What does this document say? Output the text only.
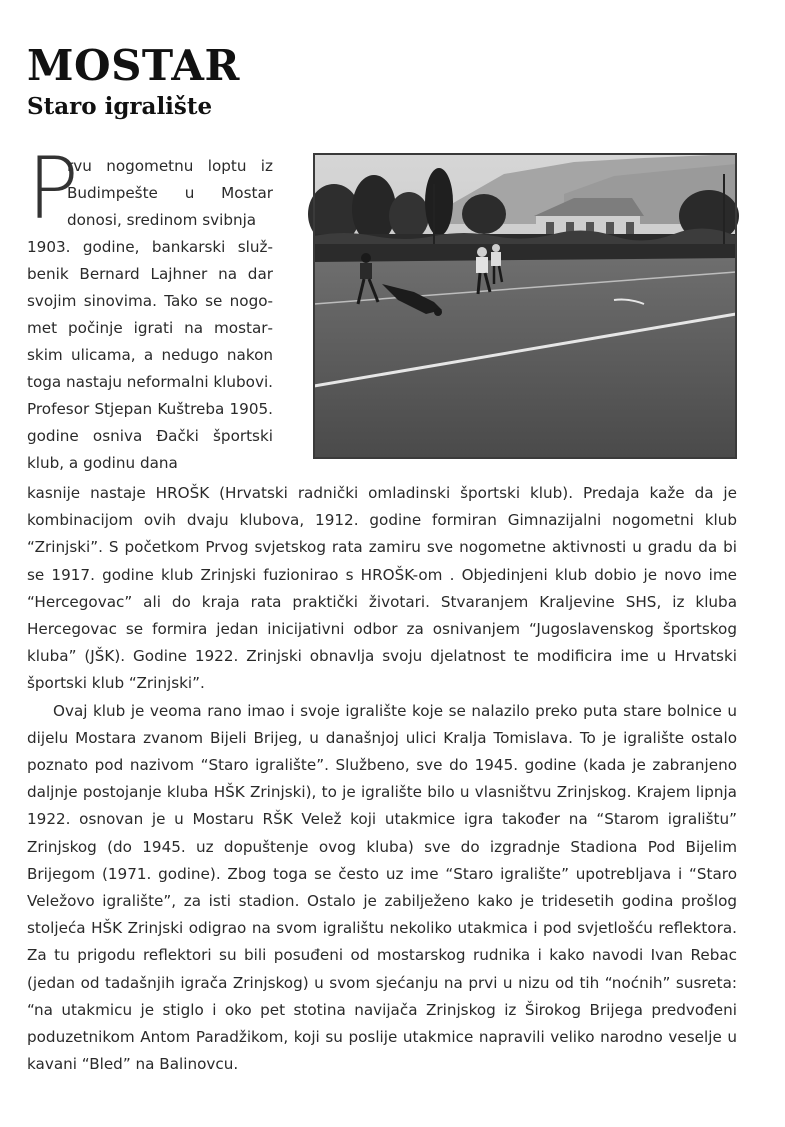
MOSTAR
Staro igralište
P

rvu nogometnu loptu iz Budimpešte u Mostar donosi, sredinom svibnja
1903. godine, bankarski službenik Bernard Lajhner na dar svojim sinovima. Tako se nogomet počinje igrati na mostarskim ulicama, a nedugo nakon toga nastaju neformalni klubovi. Profesor Stjepan Kuštreba 1905. godine osniva Đački športski klub, a godinu dana

kasnije nastaje HROŠK (Hrvatski radnički omladinski športski klub). Predaja kaže da je kombinacijom ovih dvaju klubova, 1912. godine formiran Gimnazijalni nogometni klub “Zrinjski”. S početkom Prvog svjetskog rata zamiru sve nogometne aktivnosti u gradu da bi se 1917. godine klub Zrinjski fuzionirao s HROŠK-om . Objedinjeni klub dobio je novo ime “Hercegovac” ali do kraja rata praktički životari. Stvaranjem Kraljevine SHS, iz kluba Hercegovac se formira jedan inicijativni odbor za osnivanjem “Jugoslavenskog športskog kluba” (JŠK). Godine 1922. Zrinjski obnavlja svoju djelatnost te modificira ime u Hrvatski športski klub “Zrinjski”.

Ovaj klub je veoma rano imao i svoje igralište koje se nalazilo preko puta stare bolnice u dijelu Mostara zvanom Bijeli Brijeg, u današnjoj ulici Kralja Tomislava. To je igralište ostalo poznato pod nazivom “Staro igralište”. Službeno, sve do 1945. godine (kada je zabranjeno daljnje postojanje kluba HŠK Zrinjski), to je igralište bilo u vlasništvu Zrinjskog. Krajem lipnja 1922. osnovan je u Mostaru RŠK Velež koji utakmice igra također na “Starom igralištu” Zrinjskog (do 1945. uz dopuštenje ovog kluba) sve do izgradnje Stadiona Pod Bijelim Brijegom (1971. godine). Zbog toga se često uz ime “Staro igralište” upotrebljava i “Staro Veležovo igralište”, za isti stadion. Ostalo je zabilježeno kako je tridesetih godina prošlog stoljeća HŠK Zrinjski odigrao na svom igralištu nekoliko utakmica i pod svjetlošću reflektora. Za tu prigodu reflektori su bili posuđeni od mostarskog rudnika i kako navodi Ivan Rebac (jedan od tadašnjih igrača Zrinjskog) u svom sjećanju na prvi u nizu od tih “noćnih” susreta: “na utakmicu je stiglo i oko pet stotina navijača Zrinjskog iz Širokog Brijega predvođeni poduzetnikom Antom Paradžikom, koji su poslije utakmice napravili veliko narodno veselje u kavani “Bled” na Balinovcu.
